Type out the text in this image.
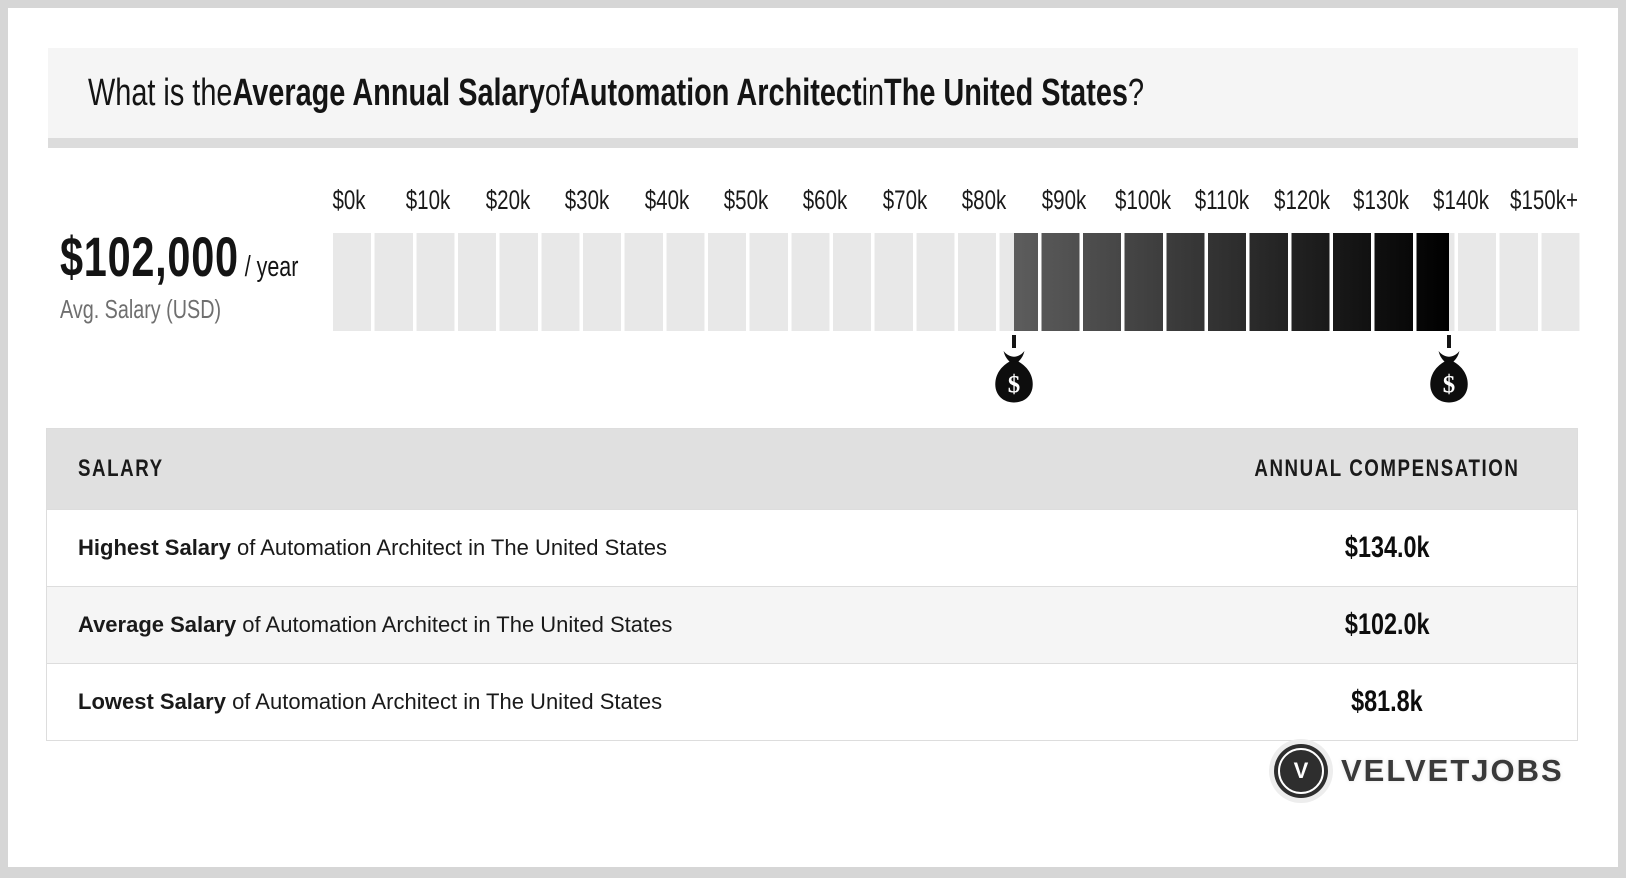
What is the Average Annual Salary of Automation Architect in The United States ?
$102,000 / year
Avg. Salary (USD)
$0k $10k $20k $30k $40k $50k $60k $70k $80k $90k $100k $110k $120k $130k $140k $150k+
$	$
SALARY	ANNUAL COMPENSATION
Highest Salary of Automation Architect in The United States	$134.0k
Average Salary of Automation Architect in The United States	$102.0k
Lowest Salary of Automation Architect in The United States	$81.8k
V VELVETJOBS
